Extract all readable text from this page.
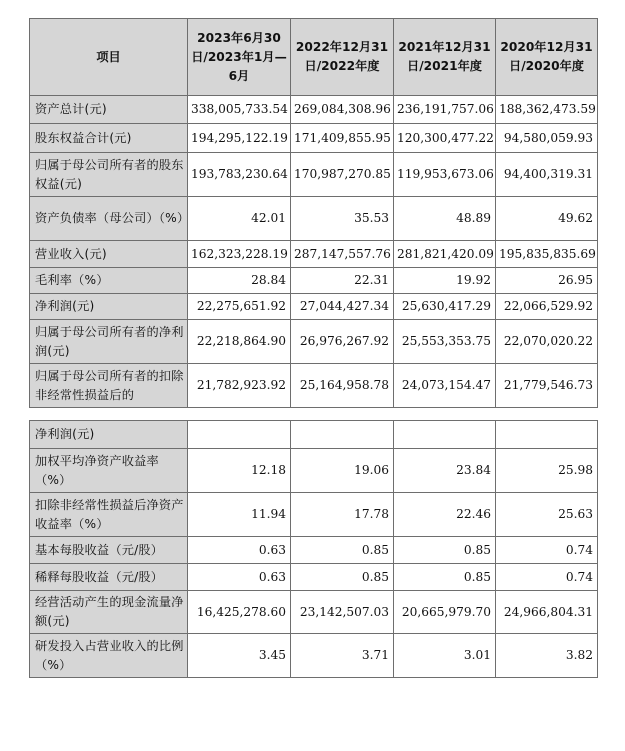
项目	2023年6月30日/2023年1月—6月	2022年12月31日/2022年度	2021年12月31日/2021年度	2020年12月31日/2020年度
资产总计(元)	338,005,733.54	269,084,308.96	236,191,757.06	188,362,473.59
股东权益合计(元)	194,295,122.19	171,409,855.95	120,300,477.22	94,580,059.93
归属于母公司所有者的股东权益(元)	193,783,230.64	170,987,270.85	119,953,673.06	94,400,319.31
资产负债率（母公司）（%）	42.01	35.53	48.89	49.62
营业收入(元)	162,323,228.19	287,147,557.76	281,821,420.09	195,835,835.69
毛利率（%）	28.84	22.31	19.92	26.95
净利润(元)	22,275,651.92	27,044,427.34	25,630,417.29	22,066,529.92
归属于母公司所有者的净利润(元)	22,218,864.90	26,976,267.92	25,553,353.75	22,070,020.22
归属于母公司所有者的扣除非经常性损益后的	21,782,923.92	25,164,958.78	24,073,154.47	21,779,546.73

净利润(元)				
加权平均净资产收益率（%）	12.18	19.06	23.84	25.98
扣除非经常性损益后净资产收益率（%）	11.94	17.78	22.46	25.63
基本每股收益（元/股）	0.63	0.85	0.85	0.74
稀释每股收益（元/股）	0.63	0.85	0.85	0.74
经营活动产生的现金流量净额(元)	16,425,278.60	23,142,507.03	20,665,979.70	24,966,804.31
研发投入占营业收入的比例（%）	3.45	3.71	3.01	3.82
